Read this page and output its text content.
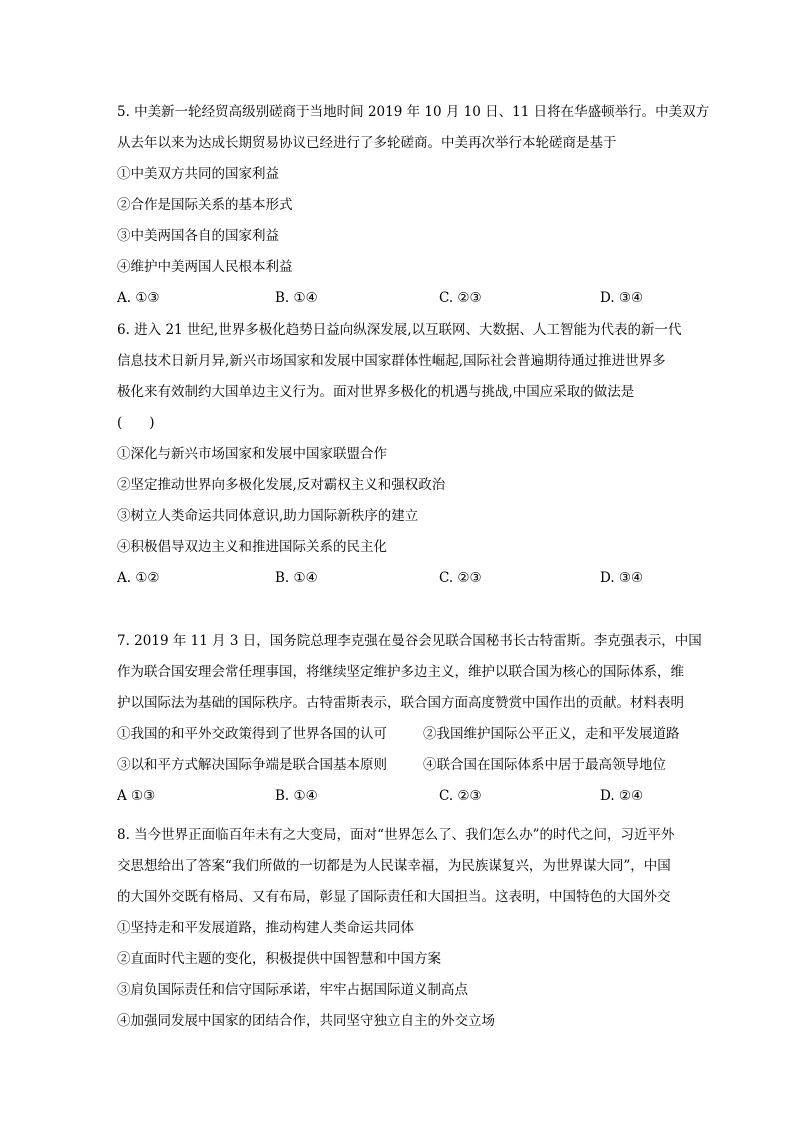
5. 中美新一轮经贸高级别磋商于当地时间 2019 年 10 月 10 日、11 日将在华盛顿举行。中美双方
从去年以来为达成长期贸易协议已经进行了多轮磋商。中美再次举行本轮磋商是基于
①中美双方共同的国家利益
②合作是国际关系的基本形式
③中美两国各自的国家利益
④维护中美两国人民根本利益
A. ①③	B. ①④	C. ②③	D. ③④
6. 进入 21 世纪,世界多极化趋势日益向纵深发展,以互联网、大数据、人工智能为代表的新一代
信息技术日新月异,新兴市场国家和发展中国家群体性崛起,国际社会普遍期待通过推进世界多
极化来有效制约大国单边主义行为。面对世界多极化的机遇与挑战,中国应采取的做法是
(　　)
①深化与新兴市场国家和发展中国家联盟合作
②坚定推动世界向多极化发展,反对霸权主义和强权政治
③树立人类命运共同体意识,助力国际新秩序的建立
④积极倡导双边主义和推进国际关系的民主化
A. ①②	B. ①④	C. ②③	D. ③④
7. 2019 年 11 月 3 日，国务院总理李克强在曼谷会见联合国秘书长古特雷斯。李克强表示，中国
作为联合国安理会常任理事国，将继续坚定维护多边主义，维护以联合国为核心的国际体系，维
护以国际法为基础的国际秩序。古特雷斯表示，联合国方面高度赞赏中国作出的贡献。材料表明
①我国的和平外交政策得到了世界各国的认可	②我国维护国际公平正义，走和平发展道路
③以和平方式解决国际争端是联合国基本原则	④联合国在国际体系中居于最高领导地位
A ①③	B. ①④	C. ②③	D. ②④
8. 当今世界正面临百年未有之大变局，面对“世界怎么了、我们怎么办”的时代之问，习近平外
交思想给出了答案“我们所做的一切都是为人民谋幸福，为民族谋复兴，为世界谋大同”，中国
的大国外交既有格局、又有布局，彰显了国际责任和大国担当。这表明，中国特色的大国外交
①坚持走和平发展道路，推动构建人类命运共同体
②直面时代主题的变化，积极提供中国智慧和中国方案
③肩负国际责任和信守国际承诺，牢牢占据国际道义制高点
④加强同发展中国家的团结合作，共同坚守独立自主的外交立场
